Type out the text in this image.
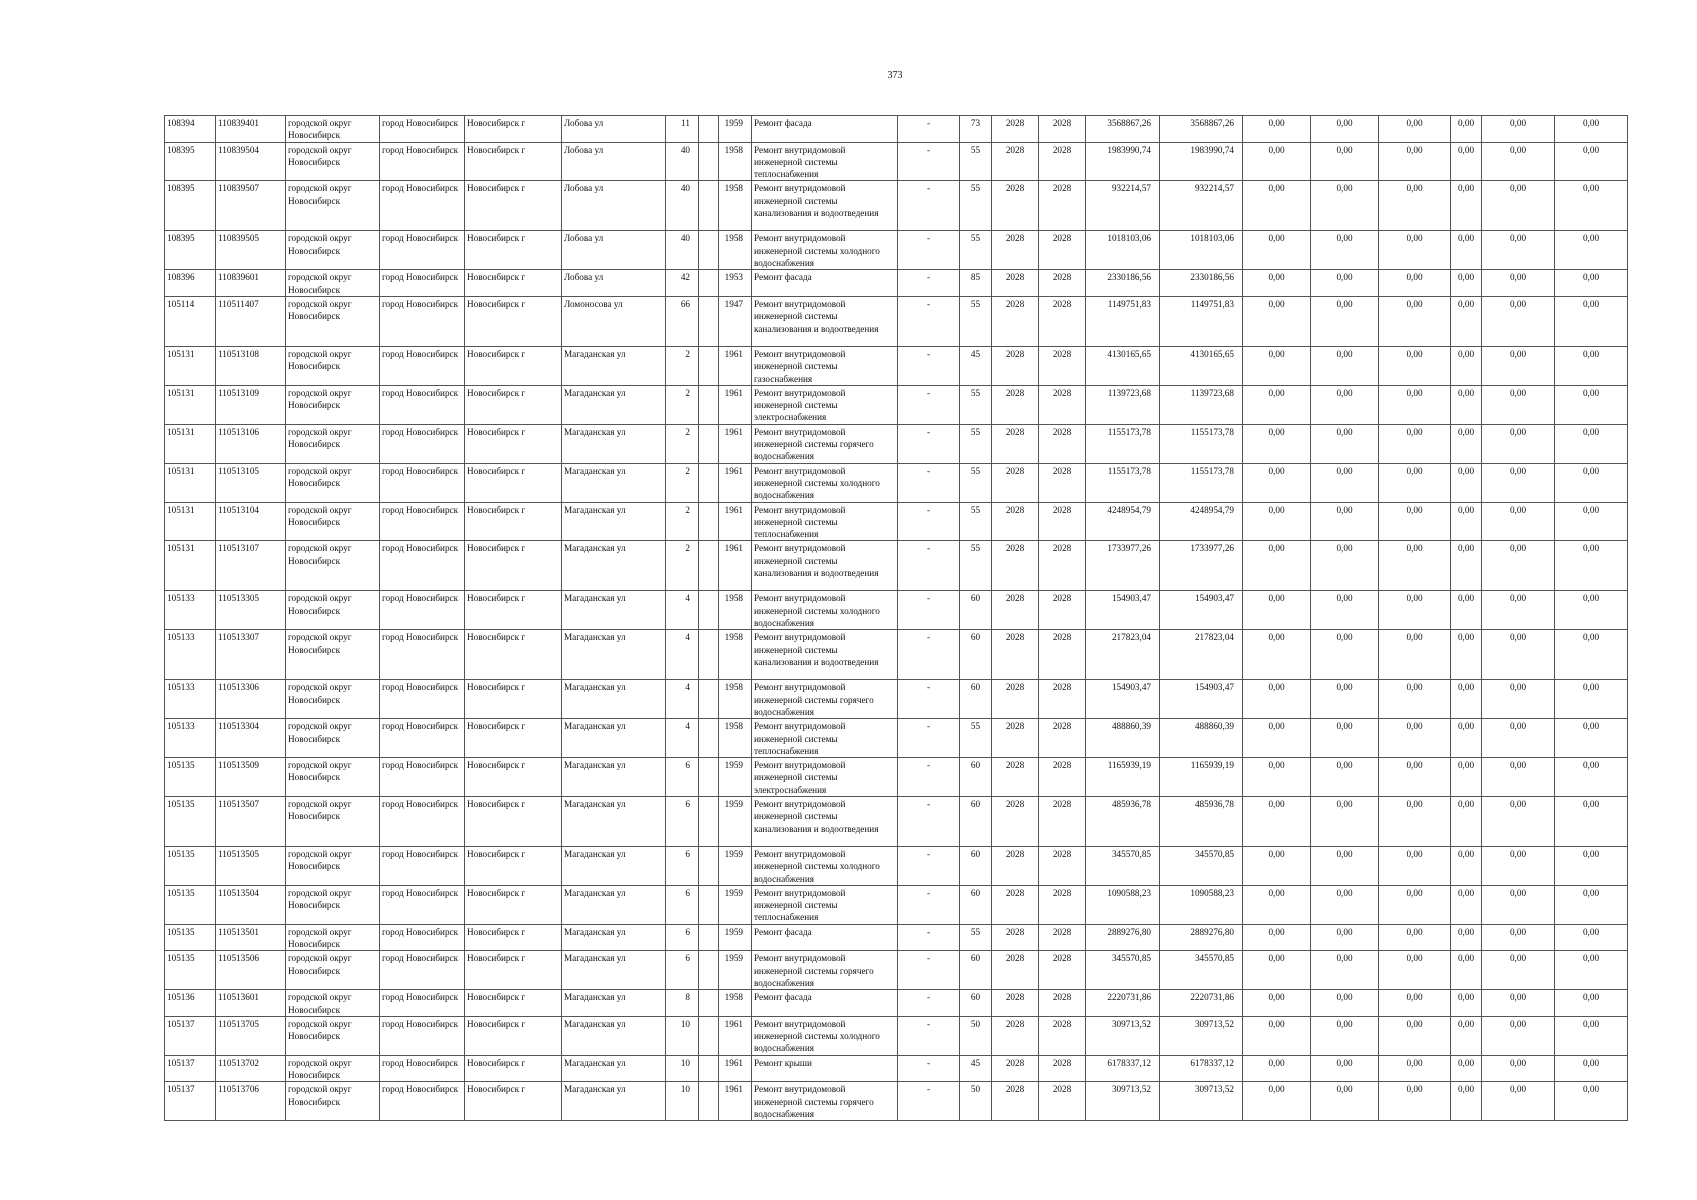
373
108394	110839401	городской округ Новосибирск	город Новосибирск	Новосибирск г	Лобова ул	11		1959	Ремонт фасада	-	73	2028	2028	3568867,26	3568867,26	0,00	0,00	0,00	0,00	0,00	0,00
108395	110839504	городской округ Новосибирск	город Новосибирск	Новосибирск г	Лобова ул	40		1958	Ремонт внутридомовой инженерной системы теплоснабжения	-	55	2028	2028	1983990,74	1983990,74	0,00	0,00	0,00	0,00	0,00	0,00
108395	110839507	городской округ Новосибирск	город Новосибирск	Новосибирск г	Лобова ул	40		1958	Ремонт внутридомовой инженерной системы канализования и водоотведения	-	55	2028	2028	932214,57	932214,57	0,00	0,00	0,00	0,00	0,00	0,00
108395	110839505	городской округ Новосибирск	город Новосибирск	Новосибирск г	Лобова ул	40		1958	Ремонт внутридомовой инженерной системы холодного водоснабжения	-	55	2028	2028	1018103,06	1018103,06	0,00	0,00	0,00	0,00	0,00	0,00
108396	110839601	городской округ Новосибирск	город Новосибирск	Новосибирск г	Лобова ул	42		1953	Ремонт фасада	-	85	2028	2028	2330186,56	2330186,56	0,00	0,00	0,00	0,00	0,00	0,00
105114	110511407	городской округ Новосибирск	город Новосибирск	Новосибирск г	Ломоносова ул	66		1947	Ремонт внутридомовой инженерной системы канализования и водоотведения	-	55	2028	2028	1149751,83	1149751,83	0,00	0,00	0,00	0,00	0,00	0,00
105131	110513108	городской округ Новосибирск	город Новосибирск	Новосибирск г	Магаданская ул	2		1961	Ремонт внутридомовой инженерной системы газоснабжения	-	45	2028	2028	4130165,65	4130165,65	0,00	0,00	0,00	0,00	0,00	0,00
105131	110513109	городской округ Новосибирск	город Новосибирск	Новосибирск г	Магаданская ул	2		1961	Ремонт внутридомовой инженерной системы электроснабжения	-	55	2028	2028	1139723,68	1139723,68	0,00	0,00	0,00	0,00	0,00	0,00
105131	110513106	городской округ Новосибирск	город Новосибирск	Новосибирск г	Магаданская ул	2		1961	Ремонт внутридомовой инженерной системы горячего водоснабжения	-	55	2028	2028	1155173,78	1155173,78	0,00	0,00	0,00	0,00	0,00	0,00
105131	110513105	городской округ Новосибирск	город Новосибирск	Новосибирск г	Магаданская ул	2		1961	Ремонт внутридомовой инженерной системы холодного водоснабжения	-	55	2028	2028	1155173,78	1155173,78	0,00	0,00	0,00	0,00	0,00	0,00
105131	110513104	городской округ Новосибирск	город Новосибирск	Новосибирск г	Магаданская ул	2		1961	Ремонт внутридомовой инженерной системы теплоснабжения	-	55	2028	2028	4248954,79	4248954,79	0,00	0,00	0,00	0,00	0,00	0,00
105131	110513107	городской округ Новосибирск	город Новосибирск	Новосибирск г	Магаданская ул	2		1961	Ремонт внутридомовой инженерной системы канализования и водоотведения	-	55	2028	2028	1733977,26	1733977,26	0,00	0,00	0,00	0,00	0,00	0,00
105133	110513305	городской округ Новосибирск	город Новосибирск	Новосибирск г	Магаданская ул	4		1958	Ремонт внутридомовой инженерной системы холодного водоснабжения	-	60	2028	2028	154903,47	154903,47	0,00	0,00	0,00	0,00	0,00	0,00
105133	110513307	городской округ Новосибирск	город Новосибирск	Новосибирск г	Магаданская ул	4		1958	Ремонт внутридомовой инженерной системы канализования и водоотведения	-	60	2028	2028	217823,04	217823,04	0,00	0,00	0,00	0,00	0,00	0,00
105133	110513306	городской округ Новосибирск	город Новосибирск	Новосибирск г	Магаданская ул	4		1958	Ремонт внутридомовой инженерной системы горячего водоснабжения	-	60	2028	2028	154903,47	154903,47	0,00	0,00	0,00	0,00	0,00	0,00
105133	110513304	городской округ Новосибирск	город Новосибирск	Новосибирск г	Магаданская ул	4		1958	Ремонт внутридомовой инженерной системы теплоснабжения	-	55	2028	2028	488860,39	488860,39	0,00	0,00	0,00	0,00	0,00	0,00
105135	110513509	городской округ Новосибирск	город Новосибирск	Новосибирск г	Магаданская ул	6		1959	Ремонт внутридомовой инженерной системы электроснабжения	-	60	2028	2028	1165939,19	1165939,19	0,00	0,00	0,00	0,00	0,00	0,00
105135	110513507	городской округ Новосибирск	город Новосибирск	Новосибирск г	Магаданская ул	6		1959	Ремонт внутридомовой инженерной системы канализования и водоотведения	-	60	2028	2028	485936,78	485936,78	0,00	0,00	0,00	0,00	0,00	0,00
105135	110513505	городской округ Новосибирск	город Новосибирск	Новосибирск г	Магаданская ул	6		1959	Ремонт внутридомовой инженерной системы холодного водоснабжения	-	60	2028	2028	345570,85	345570,85	0,00	0,00	0,00	0,00	0,00	0,00
105135	110513504	городской округ Новосибирск	город Новосибирск	Новосибирск г	Магаданская ул	6		1959	Ремонт внутридомовой инженерной системы теплоснабжения	-	60	2028	2028	1090588,23	1090588,23	0,00	0,00	0,00	0,00	0,00	0,00
105135	110513501	городской округ Новосибирск	город Новосибирск	Новосибирск г	Магаданская ул	6		1959	Ремонт фасада	-	55	2028	2028	2889276,80	2889276,80	0,00	0,00	0,00	0,00	0,00	0,00
105135	110513506	городской округ Новосибирск	город Новосибирск	Новосибирск г	Магаданская ул	6		1959	Ремонт внутридомовой инженерной системы горячего водоснабжения	-	60	2028	2028	345570,85	345570,85	0,00	0,00	0,00	0,00	0,00	0,00
105136	110513601	городской округ Новосибирск	город Новосибирск	Новосибирск г	Магаданская ул	8		1958	Ремонт фасада	-	60	2028	2028	2220731,86	2220731,86	0,00	0,00	0,00	0,00	0,00	0,00
105137	110513705	городской округ Новосибирск	город Новосибирск	Новосибирск г	Магаданская ул	10		1961	Ремонт внутридомовой инженерной системы холодного водоснабжения	-	50	2028	2028	309713,52	309713,52	0,00	0,00	0,00	0,00	0,00	0,00
105137	110513702	городской округ Новосибирск	город Новосибирск	Новосибирск г	Магаданская ул	10		1961	Ремонт крыши	-	45	2028	2028	6178337,12	6178337,12	0,00	0,00	0,00	0,00	0,00	0,00
105137	110513706	городской округ Новосибирск	город Новосибирск	Новосибирск г	Магаданская ул	10		1961	Ремонт внутридомовой инженерной системы горячего водоснабжения	-	50	2028	2028	309713,52	309713,52	0,00	0,00	0,00	0,00	0,00	0,00
